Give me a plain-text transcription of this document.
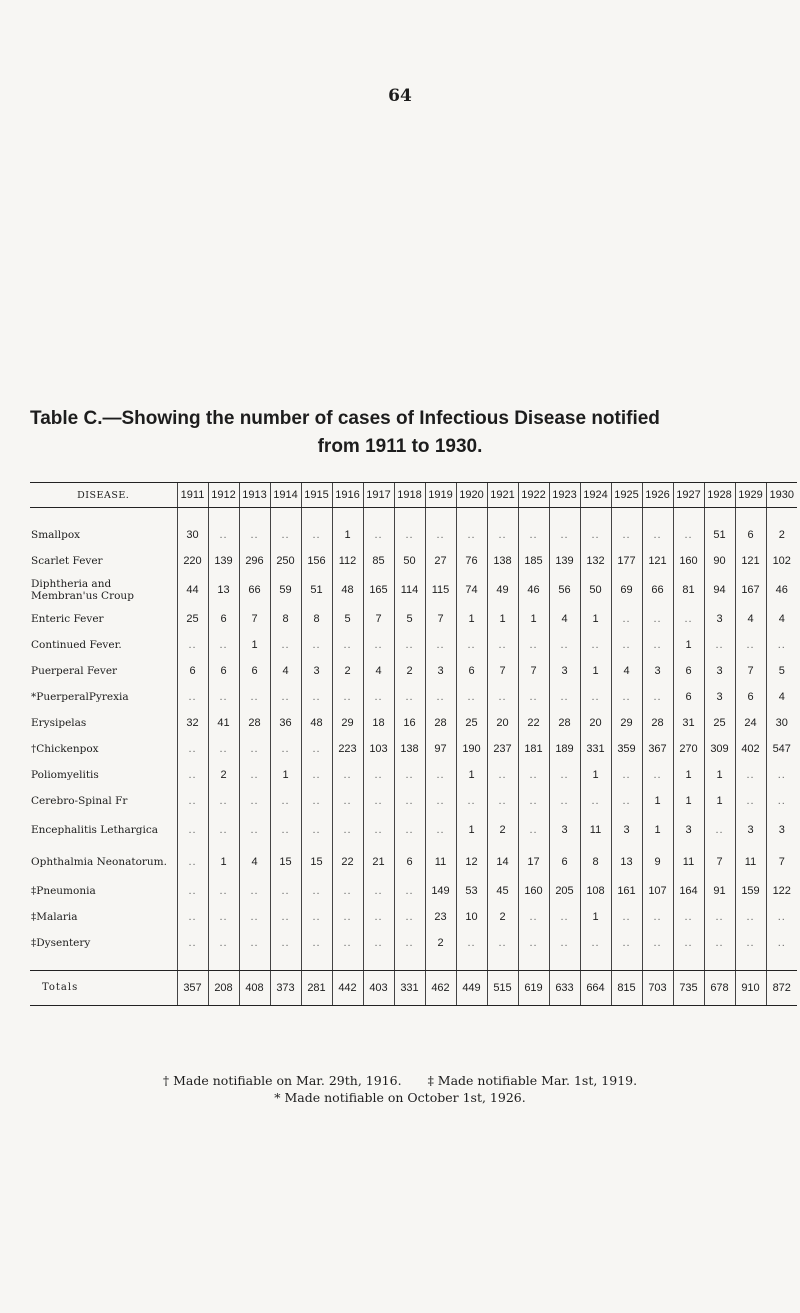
64
Table C.—Showing the number of cases of Infectious Disease notified
from 1911 to 1930.
DISEASE.	1911	1912	1913	1914	1915	1916	1917	1918	1919	1920	1921	1922	1923	1924	1925	1926	1927	1928	1929	1930

Smallpox	30	..	..	..	..	1	..	..	..	..	..	..	..	..	..	..	..	51	6	2
Scarlet Fever	220	139	296	250	156	112	85	50	27	76	138	185	139	132	177	121	160	90	121	102
Diphtheria and Membran'us Croup	44	13	66	59	51	48	165	114	115	74	49	46	56	50	69	66	81	94	167	46
Enteric Fever	25	6	7	8	8	5	7	5	7	1	1	1	4	1	..	..	..	3	4	4
Continued Fever.	..	..	1	..	..	..	..	..	..	..	..	..	..	..	..	..	1	..	..	..
Puerperal Fever	6	6	6	4	3	2	4	2	3	6	7	7	3	1	4	3	6	3	7	5
*PuerperalPyrexia	..	..	..	..	..	..	..	..	..	..	..	..	..	..	..	..	6	3	6	4
Erysipelas	32	41	28	36	48	29	18	16	28	25	20	22	28	20	29	28	31	25	24	30
†Chickenpox	..	..	..	..	..	223	103	138	97	190	237	181	189	331	359	367	270	309	402	547
Poliomyelitis	..	2	..	1	..	..	..	..	..	1	..	..	..	1	..	..	1	1	..	..
Cerebro-Spinal Fr	..	..	..	..	..	..	..	..	..	..	..	..	..	..	..	1	1	1	..	..
Encephalitis Lethargica	..	..	..	..	..	..	..	..	..	1	2	..	3	11	3	1	3	..	3	3
Ophthalmia Neonatorum.	..	1	4	15	15	22	21	6	11	12	14	17	6	8	13	9	11	7	11	7
‡Pneumonia	..	..	..	..	..	..	..	..	149	53	45	160	205	108	161	107	164	91	159	122
‡Malaria	..	..	..	..	..	..	..	..	23	10	2	..	..	1	..	..	..	..	..	..
‡Dysentery	..	..	..	..	..	..	..	..	2	..	..	..	..	..	..	..	..	..	..	..

Totals	357	208	408	373	281	442	403	331	462	449	515	619	633	664	815	703	735	678	910	872
† Made notifiable on Mar. 29th, 1916. ‡ Made notifiable Mar. 1st, 1919.
* Made notifiable on October 1st, 1926.
